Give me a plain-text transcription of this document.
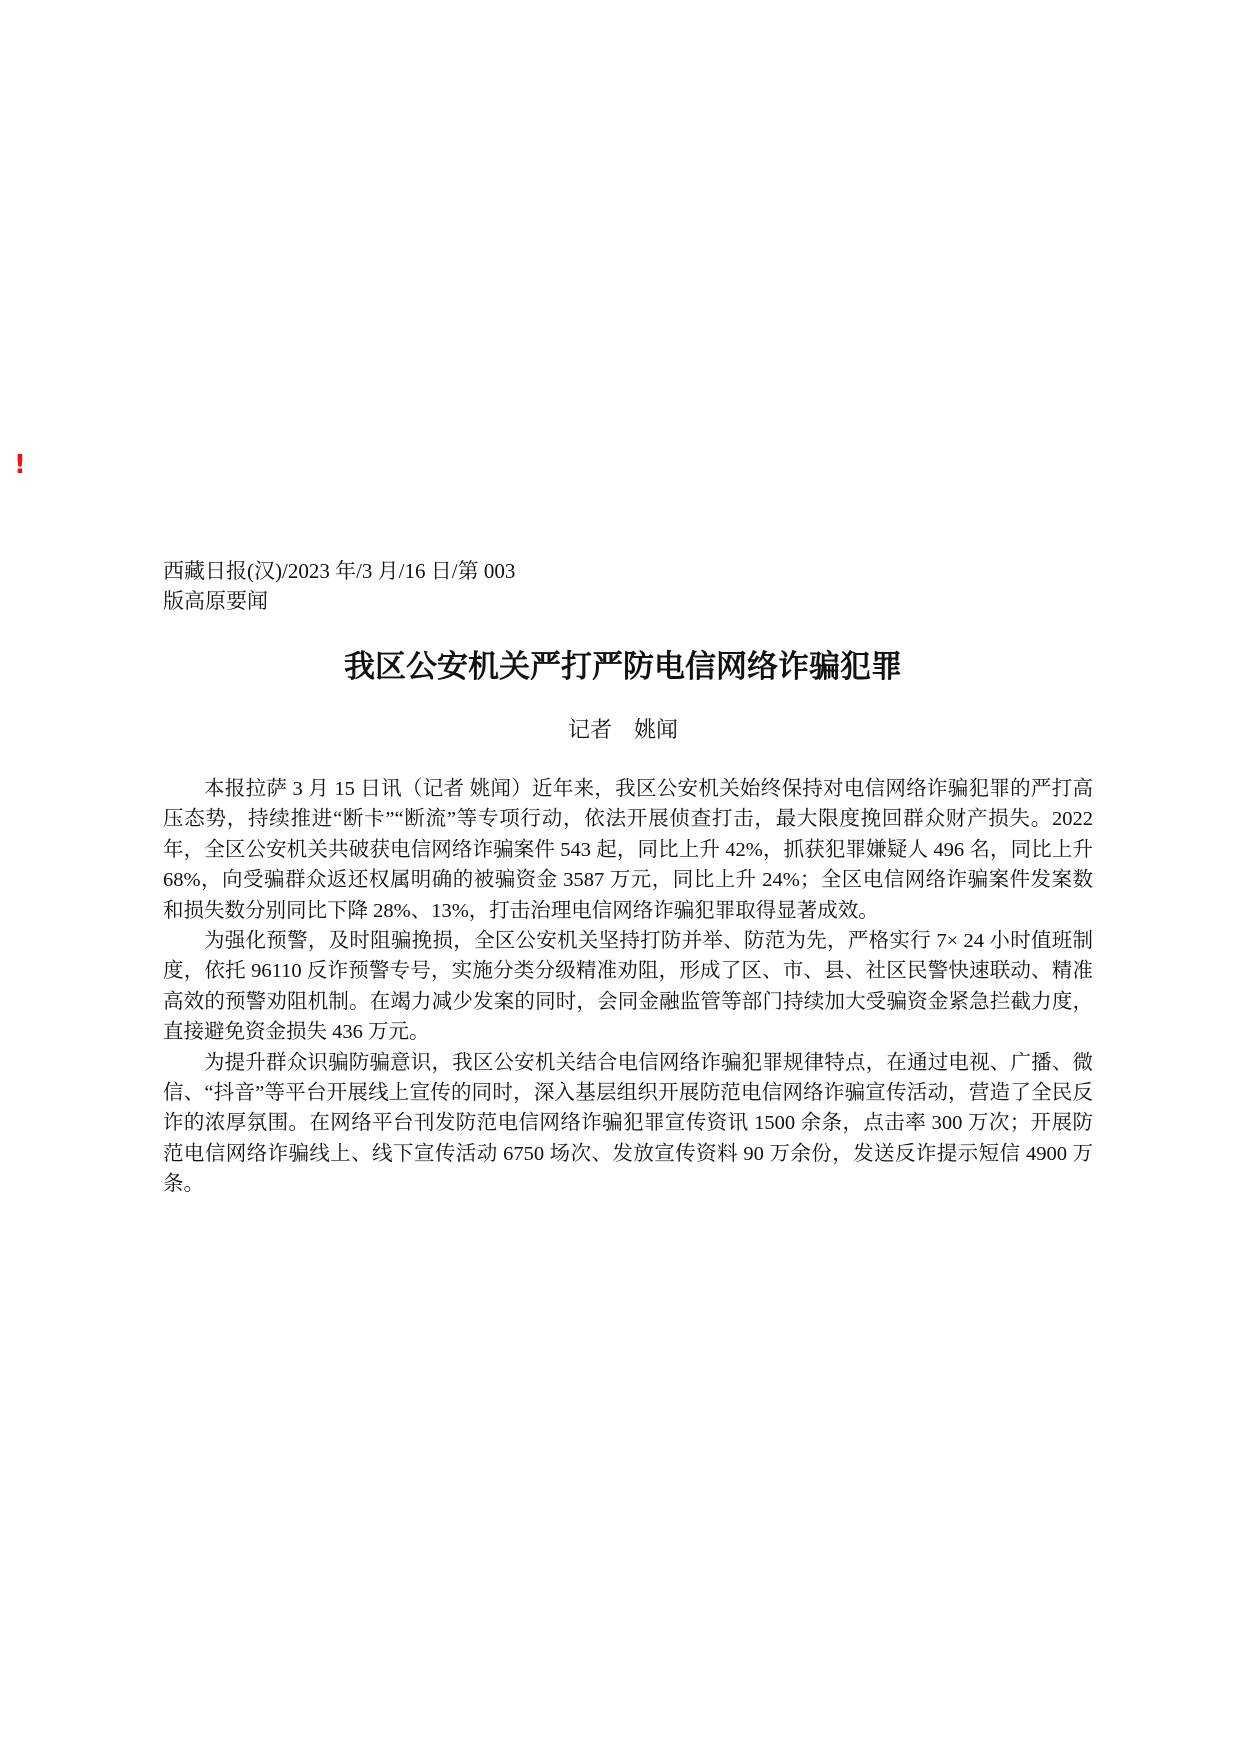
!
西藏日报(汉)/2023 年/3 月/16 日/第 003
版高原要闻
我区公安机关严打严防电信网络诈骗犯罪
记者　姚闻

本报拉萨 3 月 15 日讯（记者 姚闻）近年来，我区公安机关始终保持对电信网络诈骗犯罪的严打高压态势，持续推进“断卡”“断流”等专项行动，依法开展侦查打击，最大限度挽回群众财产损失。2022 年，全区公安机关共破获电信网络诈骗案件 543 起，同比上升 42%，抓获犯罪嫌疑人 496 名，同比上升 68%，向受骗群众返还权属明确的被骗资金 3587 万元，同比上升 24%；全区电信网络诈骗案件发案数和损失数分别同比下降 28%、13%，打击治理电信网络诈骗犯罪取得显著成效。

为强化预警，及时阻骗挽损，全区公安机关坚持打防并举、防范为先，严格实行 7× 24 小时值班制度，依托 96110 反诈预警专号，实施分类分级精准劝阻，形成了区、市、县、社区民警快速联动、精准高效的预警劝阻机制。在竭力减少发案的同时，会同金融监管等部门持续加大受骗资金紧急拦截力度，直接避免资金损失 436 万元。

为提升群众识骗防骗意识，我区公安机关结合电信网络诈骗犯罪规律特点，在通过电视、广播、微信、“抖音”等平台开展线上宣传的同时，深入基层组织开展防范电信网络诈骗宣传活动，营造了全民反诈的浓厚氛围。在网络平台刊发防范电信网络诈骗犯罪宣传资讯 1500 余条，点击率 300 万次；开展防范电信网络诈骗线上、线下宣传活动 6750 场次、发放宣传资料 90 万余份，发送反诈提示短信 4900 万条。
